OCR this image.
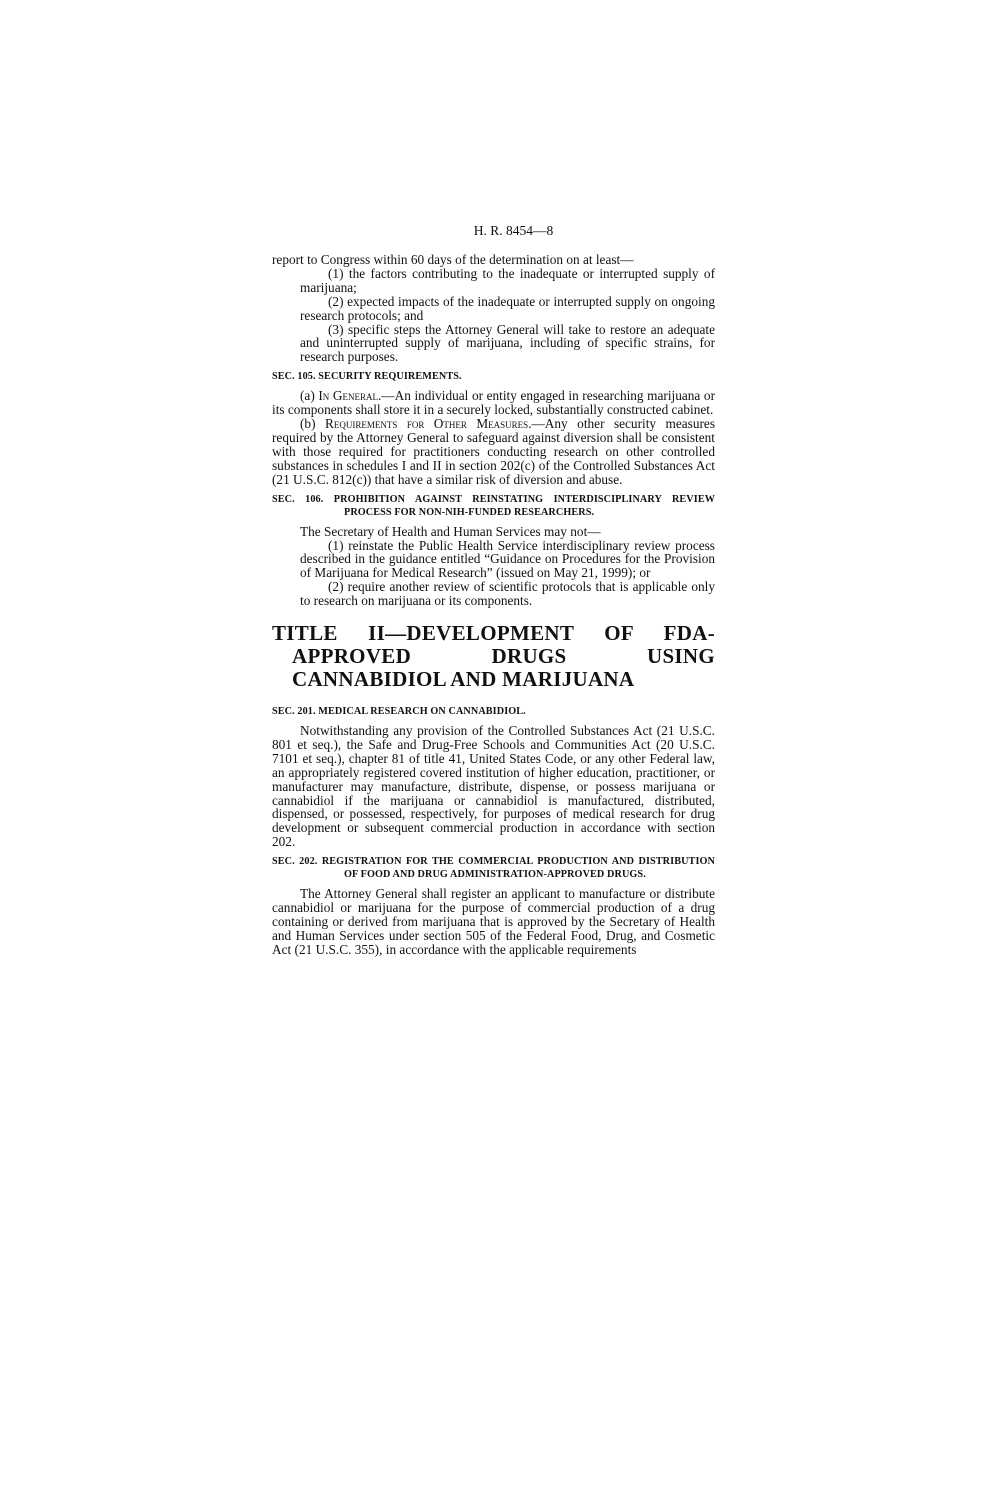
H. R. 8454—8

report to Congress within 60 days of the determination on at least—

(1) the factors contributing to the inadequate or interrupted supply of marijuana;

(2) expected impacts of the inadequate or interrupted supply on ongoing research protocols; and

(3) specific steps the Attorney General will take to restore an adequate and uninterrupted supply of marijuana, including of specific strains, for research purposes.

SEC. 105. SECURITY REQUIREMENTS.

(a) In General.—An individual or entity engaged in researching marijuana or its components shall store it in a securely locked, substantially constructed cabinet.

(b) Requirements for Other Measures.—Any other security measures required by the Attorney General to safeguard against diversion shall be consistent with those required for practitioners conducting research on other controlled substances in schedules I and II in section 202(c) of the Controlled Substances Act (21 U.S.C. 812(c)) that have a similar risk of diversion and abuse.

SEC. 106. PROHIBITION AGAINST REINSTATING INTERDISCIPLINARY REVIEW PROCESS FOR NON-NIH-FUNDED RESEARCHERS.

The Secretary of Health and Human Services may not—

(1) reinstate the Public Health Service interdisciplinary review process described in the guidance entitled “Guidance on Procedures for the Provision of Marijuana for Medical Research” (issued on May 21, 1999); or

(2) require another review of scientific protocols that is applicable only to research on marijuana or its components.

TITLE II—DEVELOPMENT OF FDA-APPROVED DRUGS USING CANNABIDIOL AND MARIJUANA
SEC. 201. MEDICAL RESEARCH ON CANNABIDIOL.

Notwithstanding any provision of the Controlled Substances Act (21 U.S.C. 801 et seq.), the Safe and Drug-Free Schools and Communities Act (20 U.S.C. 7101 et seq.), chapter 81 of title 41, United States Code, or any other Federal law, an appropriately registered covered institution of higher education, practitioner, or manufacturer may manufacture, distribute, dispense, or possess marijuana or cannabidiol if the marijuana or cannabidiol is manufactured, distributed, dispensed, or possessed, respectively, for purposes of medical research for drug development or subsequent commercial production in accordance with section 202.

SEC. 202. REGISTRATION FOR THE COMMERCIAL PRODUCTION AND DISTRIBUTION OF FOOD AND DRUG ADMINISTRATION-APPROVED DRUGS.

The Attorney General shall register an applicant to manufacture or distribute cannabidiol or marijuana for the purpose of commercial production of a drug containing or derived from marijuana that is approved by the Secretary of Health and Human Services under section 505 of the Federal Food, Drug, and Cosmetic Act (21 U.S.C. 355), in accordance with the applicable requirements
